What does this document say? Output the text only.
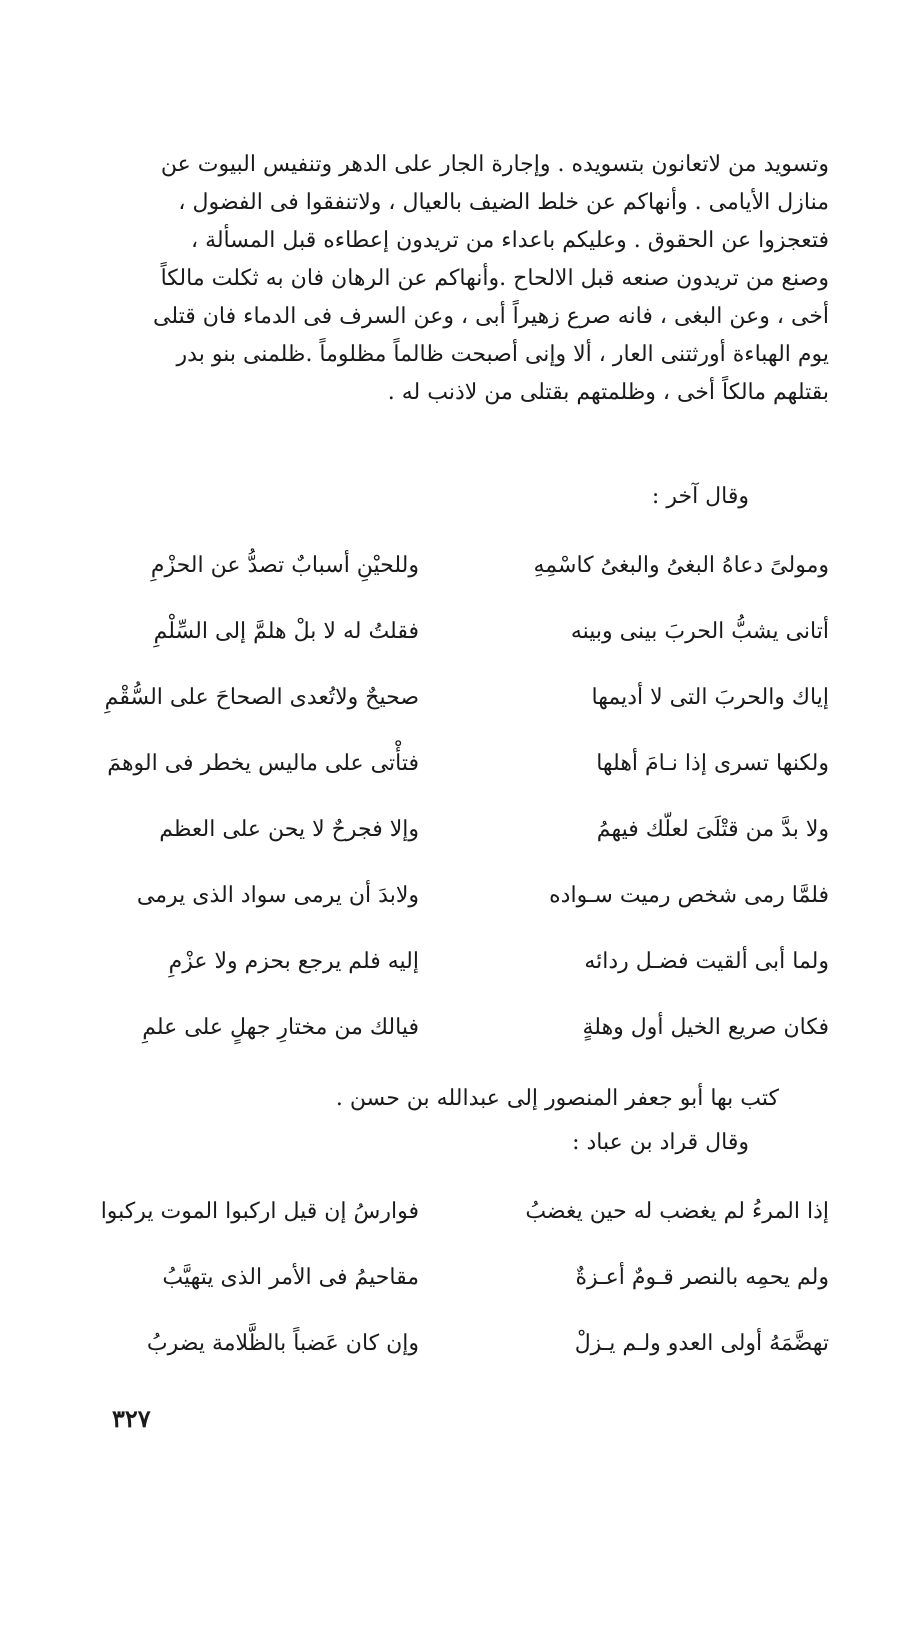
وتسويد من لاتعانون بتسويده . وإجارة الجار على الدهر وتنفيس البيوت عن
منازل الأيامى . وأنهاكم عن خلط الضيف بالعيال ، ولاتنفقوا فى الفضول ،
فتعجزوا عن الحقوق . وعليكم باعداء من تريدون إعطاءه قبل المسألة ،
وصنع من تريدون صنعه قبل الالحاح .وأنهاكم عن الرهان فان به ثكلت مالكاً
أخى ، وعن البغى ، فانه صرع زهيراً أبى ، وعن السرف فى الدماء فان قتلى
يوم الهباءة أورثتنى العار ، ألا وإنى أصبحت ظالماً مظلوماً .ظلمنى بنو بدر
بقتلهم مالكاً أخى ، وظلمتهم بقتلى من لاذنب له .
وقال آخر :
ومولىً دعاهُ البغىُ والبغىُ كاسْمِهِ
وللحيْنِ أسبابٌ تصدُّ عن الحزْمِ
أتانى يشبُّ الحربَ بينى وبينه
فقلتُ له لا بلْ هلمَّ إلى السِّلْمِ
إياك والحربَ التى لا أديمها
صحيحٌ ولاتُعدى الصحاحَ على السُّقْمِ
ولكنها تسرى إذا نـامَ أهلها
فتأْتى على ماليس يخطر فى الوهمَ
ولا بدَّ من قتْلَىَ لعلّك فيهمُ
وإلا فجرحٌ لا يحن على العظم
فلمَّا رمى شخص رميت سـواده
ولابدَ أن يرمى سواد الذى يرمى
ولما أبى ألقيت فضـل ردائه
إليه فلم يرجع بحزم ولا عزْمِ
فكان صريع الخيل أول وهلةٍ
فيالك من مختارِ جهلٍ على علمِ
كتب بها أبو جعفر المنصور إلى عبدالله بن حسن .
وقال قراد بن عباد :
إذا المرءُ لم يغضب له حين يغضبُ
فوارسُ إن قيل اركبوا الموت يركبوا
ولم يحمِه بالنصر قـومٌ أعـزةٌ
مقاحيمُ فى الأمر الذى يتهيَّبُ
تهضَّمَهُ أولى العدو ولـم يـزلْ
وإن كان عَضباً بالظَّلامة يضربُ
٣٢٧
